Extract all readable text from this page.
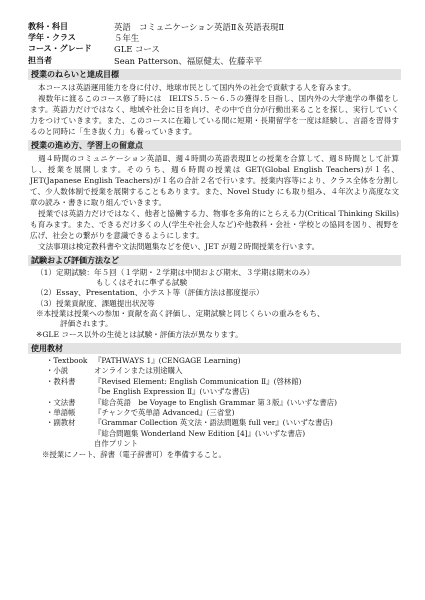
教科・科目	英語　コミュニケーション英語Ⅱ＆英語表現Ⅱ
学年・クラス	５年生
コース・グレード	GLE コース
担当者	Sean Patterson、福原健太、佐藤幸平
授業のねらいと達成目標

本コースは英語運用能力を身に付け、地球市民として国内外の社会で貢献する人を育みます。

複数年に渡るこのコース修了時には　IELTS５.５～６.５の獲得を目指し、国内外の大学進学の準備をします。英語力だけではなく、地域や社会に目を向け、その中で自分が行動出来ることを探し、実行していく力をつけていきます。また、このコースに在籍している間に短期・長期留学を一度は経験し、言語を習得するのと同時に「生き抜く力」も養っていきます。

授業の進め方、学習上の留意点

週４時間のコミュニケーション英語Ⅱ、週４時間の英語表現Ⅱとの授業を合算して、週８時間として計算し、授業を展開します。そのうち、週６時間の授業は GET(Global English Teachers)が１名、JET(Japanese English Teachers)が１名の合計２名で行います。授業内容等により、クラス全体を分割して、少人数体制で授業を展開することもあります。また、Novel Study にも取り組み、４年次より高度な文章の読み・書きに取り組んでいきます。

授業では英語力だけではなく、他者と協働する力、物事を多角的にとらえる力(Critical Thinking Skills)も育みます。また、できるだけ多くの人(学生や社会人など)や他教科・会社・学校との協同を図り、視野を広げ、社会との繋がりを意識できるようにします。

文法事項は検定教科書や文法問題集などを使い、JET が週２時間授業を行います。

試験および評価方法など
（1）定期試験：年５回（１学期・２学期は中間および期末、３学期は期末のみ）
もしくはそれに準ずる試験
（2）Essay、Presentation、小テスト等（評価方法は都度提示）
（3）授業貢献度、課題提出状況等
※本授業は授業への参加・貢献を高く評価し、定期試験と同じくらいの重みをもち、
評価されます。
※GLE コース以外の生徒とは試験・評価方法が異なります。
使用教材
・Textbook 『PATHWAYS 1』(CENGAGE Learning)
・小説	オンラインまたは別途購入
・教科書	『Revised Element: English Communication Ⅱ』(啓林館)
『be English Expression Ⅱ』(いいずな書店)
・文法書	『総合英語　be Voyage to English Grammar 第３版』(いいずな書店)
・単語帳	『チャンクで英単語 Advanced』(三省堂)
・副教材	『Grammar Collection 英文法・語法問題集 full ver』(いいずな書店)
『総合問題集 Wonderland New Edition [4]』(いいずな書店)
自作プリント
※授業にノート、辞書（電子辞書可）を準備すること。
